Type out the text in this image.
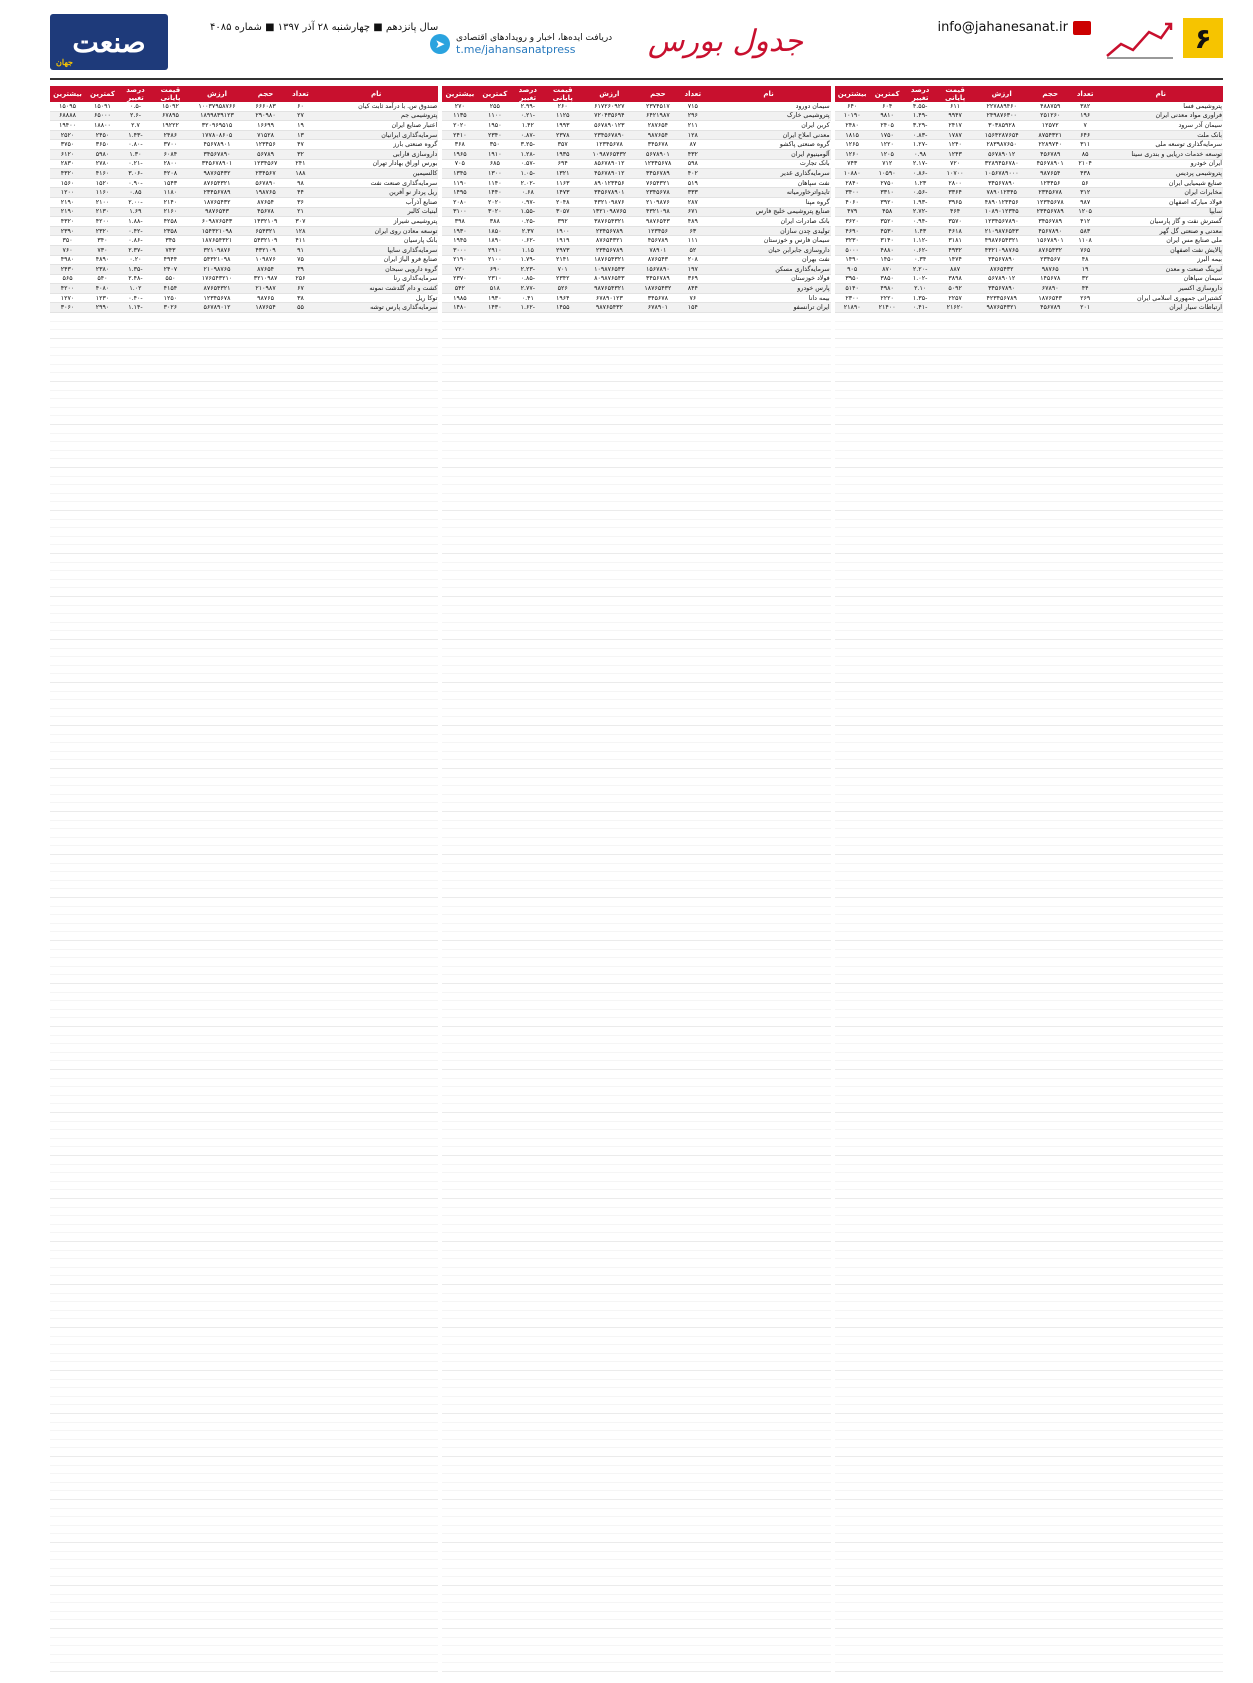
۶
info@jahanesanat.ir
جدول بورس
دریافت ایده‌ها، اخبار و رویدادهای اقتصادی
t.me/jahansanatpress
➤
سال پانزدهم ■ چهارشنبه ۲۸ آذر ۱۳۹۷ ■ شماره ۴۰۸۵
صنعت
جهان
نام	تعداد	حجم	ارزش	قیمت پایانی	درصد تغییر	کمترین	بیشترین
پتروشیمی فسا	۳۸۲	۴۸۸۷۵۹	۲۲۷۸۸۹۴۶۰	۶۱۱	-۴.۵۵	۶۰۴	۶۴۰
فرآوری مواد معدنی ایران	۱۹۶	۲۵۱۲۶۰	۲۴۹۸۷۶۳۰۰	۹۹۴۷	-۱.۴۹	۹۸۱۰	۱۰۱۹۰
سیمان آذر سرود	۷	۱۲۵۷۲	۳۰۳۸۵۹۲۸	۲۴۱۷	-۳.۲۹	۲۴۰۵	۲۴۸۰
بانک ملت	۶۴۶	۸۷۵۴۳۲۱	۱۵۶۴۲۸۷۶۵۴	۱۷۸۷	-۰.۸۳	۱۷۵۰	۱۸۱۵
سرمایه‌گذاری توسعه ملی	۳۱۱	۲۲۸۹۷۴۰	۲۸۳۹۸۷۶۵۰	۱۲۴۰	-۱.۲۷	۱۲۲۰	۱۲۶۵
توسعه خدمات دریایی و بندری سینا	۸۵	۴۵۶۷۸۹	۵۶۷۸۹۰۱۲	۱۲۴۳	۰.۹۸	۱۲۰۵	۱۲۶۰
ایران خودرو	۲۱۰۴	۴۵۶۷۸۹۰۱	۳۲۸۹۴۵۶۷۸۰	۷۲۰	-۲.۱۷	۷۱۲	۷۴۳
پتروشیمی پردیس	۴۳۸	۹۸۷۶۵۴	۱۰۵۶۷۸۹۰۰۰	۱۰۷۰۰	-۰.۸۶	۱۰۵۹۰	۱۰۸۸۰
صنایع شیمیایی ایران	۵۶	۱۲۳۴۵۶	۳۴۵۶۷۸۹۰	۲۸۰۰	۱.۲۳	۲۷۵۰	۲۸۴۰
مخابرات ایران	۳۱۲	۲۳۴۵۶۷۸	۷۸۹۰۱۲۳۴۵	۳۳۶۴	-۰.۵۶	۳۳۱۰	۳۴۰۰
فولاد مبارکه اصفهان	۹۸۷	۱۲۳۴۵۶۷۸	۴۸۹۰۱۲۳۴۵۶	۳۹۶۵	-۱.۹۳	۳۹۲۰	۴۰۶۰
سایپا	۱۲۰۵	۲۳۴۵۶۷۸۹	۱۰۸۹۰۱۲۳۴۵	۴۶۴	-۲.۷۲	۴۵۸	۴۷۹
گسترش نفت و گاز پارسیان	۴۱۲	۳۴۵۶۷۸۹	۱۲۳۴۵۶۷۸۹۰	۳۵۷۰	-۰.۹۴	۳۵۲۰	۳۶۲۰
معدنی و صنعتی گل گهر	۵۸۳	۴۵۶۷۸۹۰	۲۱۰۹۸۷۶۵۴۳	۴۶۱۸	۱.۴۳	۴۵۳۰	۴۶۹۰
ملی صنایع مس ایران	۱۱۰۸	۱۵۶۷۸۹۰۱	۴۹۸۷۶۵۴۳۲۱	۳۱۸۱	-۱.۱۲	۳۱۴۰	۳۲۳۰
پالایش نفت اصفهان	۷۶۵	۸۷۶۵۴۳۲	۴۳۲۱۰۹۸۷۶۵	۴۹۳۲	-۰.۶۲	۴۸۸۰	۵۰۰۰
بیمه البرز	۴۸	۲۳۴۵۶۷	۳۴۵۶۷۸۹۰	۱۴۷۴	۰.۳۴	۱۴۵۰	۱۴۹۰
لیزینگ صنعت و معدن	۱۹	۹۸۷۶۵	۸۷۶۵۴۳۲	۸۸۷	-۲.۲۰	۸۷۰	۹۰۵
سیمان سپاهان	۳۲	۱۴۵۶۷۸	۵۶۷۸۹۰۱۲	۳۸۹۸	-۱.۰۲	۳۸۵۰	۳۹۵۰
داروسازی اکسیر	۴۴	۶۷۸۹۰	۳۴۵۶۷۸۹۰	۵۰۹۲	۲.۱۰	۴۹۸۰	۵۱۴۰
کشتیرانی جمهوری اسلامی ایران	۲۶۹	۱۸۷۶۵۴۳	۴۲۳۴۵۶۷۸۹	۲۲۵۷	-۱.۳۵	۲۲۲۰	۲۳۰۰
ارتباطات سیار ایران	۲۰۱	۴۵۶۷۸۹	۹۸۷۶۵۴۳۲۱	۲۱۶۲۰	-۰.۴۱	۲۱۴۰۰	۲۱۸۹۰
نام	تعداد	حجم	ارزش	قیمت پایانی	درصد تغییر	کمترین	بیشترین
سیمان دورود	۷۱۵	۲۳۷۴۵۱۷	۶۱۷۲۶۰۹۲۷	۲۶۰	-۲.۹۹	۲۵۵	۲۷۰
پتروشیمی خارک	۲۹۶	۶۴۲۱۹۸۷	۷۲۰۴۳۵۶۹۴	۱۱۲۵	-۰.۲۱	۱۱۰۰	۱۱۳۵
کربن ایران	۲۱۱	۲۸۷۶۵۴	۵۶۷۸۹۰۱۲۳	۱۹۹۳	۱.۴۲	۱۹۵۰	۲۰۲۰
معدنی املاح ایران	۱۲۸	۹۸۷۶۵۴	۲۳۴۵۶۷۸۹۰	۲۳۷۸	-۰.۸۷	۲۳۴۰	۲۴۱۰
گروه صنعتی پاکشو	۸۷	۳۴۵۶۷۸	۱۲۳۴۵۶۷۸	۳۵۷	-۳.۲۵	۳۵۰	۳۶۸
آلومینیوم ایران	۴۳۲	۵۶۷۸۹۰۱	۱۰۹۸۷۶۵۴۳۲	۱۹۳۵	-۱.۲۸	۱۹۱۰	۱۹۶۵
بانک تجارت	۵۹۸	۱۲۳۴۵۶۷۸	۸۵۶۷۸۹۰۱۲	۶۹۴	-۰.۵۷	۶۸۵	۷۰۵
سرمایه‌گذاری غدیر	۴۰۲	۳۴۵۶۷۸۹	۴۵۶۷۸۹۰۱۲	۱۳۲۱	-۱.۰۵	۱۳۰۰	۱۳۴۵
نفت سپاهان	۵۱۹	۷۶۵۴۳۲۱	۸۹۰۱۲۳۴۵۶	۱۱۶۳	-۲.۰۲	۱۱۴۰	۱۱۹۰
تایدواترخاورمیانه	۳۳۳	۲۳۴۵۶۷۸	۳۴۵۶۷۸۹۰۱	۱۴۷۳	۰.۶۸	۱۴۴۰	۱۴۹۵
گروه مپنا	۲۸۷	۲۱۰۹۸۷۶	۴۳۲۱۰۹۸۷۶	۲۰۴۸	-۰.۹۷	۲۰۲۰	۲۰۸۰
صنایع پتروشیمی خلیج فارس	۶۷۱	۴۳۲۱۰۹۸	۱۳۲۱۰۹۸۷۶۵	۳۰۵۷	-۱.۵۵	۳۰۲۰	۳۱۰۰
بانک صادرات ایران	۴۸۹	۹۸۷۶۵۴۳	۳۸۷۶۵۴۳۲۱	۳۹۲	-۰.۲۵	۳۸۸	۳۹۸
تولیدی چدن سازان	۶۳	۱۲۳۴۵۶	۲۳۴۵۶۷۸۹	۱۹۰۰	۲.۳۷	۱۸۵۰	۱۹۳۰
سیمان فارس و خوزستان	۱۱۱	۴۵۶۷۸۹	۸۷۶۵۴۳۲۱	۱۹۱۹	-۰.۶۲	۱۸۹۰	۱۹۴۵
داروسازی جابرابن حیان	۵۲	۷۸۹۰۱	۲۳۴۵۶۷۸۹	۲۹۷۳	۱.۱۵	۲۹۱۰	۳۰۰۰
نفت بهران	۲۰۸	۸۷۶۵۴۳	۱۸۷۶۵۴۳۲۱	۲۱۴۱	-۱.۷۹	۲۱۰۰	۲۱۹۰
سرمایه‌گذاری مسکن	۱۹۷	۱۵۶۷۸۹۰	۱۰۹۸۷۶۵۴۳	۷۰۱	-۲.۲۳	۶۹۰	۷۲۰
فولاد خوزستان	۳۶۹	۳۴۵۶۷۸۹	۸۰۹۸۷۶۵۴۳	۲۳۴۲	-۰.۸۵	۲۳۱۰	۲۳۷۰
پارس خودرو	۸۴۴	۱۸۷۶۵۴۳۲	۹۸۷۶۵۴۳۲۱	۵۲۶	-۲.۷۷	۵۱۸	۵۴۲
بیمه دانا	۷۶	۳۴۵۶۷۸	۶۷۸۹۰۱۲۳	۱۹۶۴	۰.۴۱	۱۹۳۰	۱۹۸۵
ایران ترانسفو	۱۵۴	۶۷۸۹۰۱	۹۸۷۶۵۴۳۲	۱۴۵۵	-۱.۶۲	۱۴۳۰	۱۴۸۰
نام	تعداد	حجم	ارزش	قیمت پایانی	درصد تغییر	کمترین	بیشترین
صندوق س. با درآمد ثابت کیان	۶۰	۶۶۶۰۸۳	۱۰۰۳۷۹۵۸۷۶۶	۱۵۰۹۲	-۰.۵	۱۵۰۹۱	۱۵۰۹۵
پتروشیمی جم	۲۷	۲۹۰۹۸۰	۱۸۹۹۸۳۹۱۲۳	۶۷۸۹۵	-۲.۶	۶۵۰۰۰	۶۸۸۸۸
اعتبار صنایع ایران	۱۹	۱۶۶۹۹	۳۲۰۹۶۹۵۱۵	۱۹۲۲۲	۲.۷	۱۸۸۰۰	۱۹۴۰۰
سرمایه‌گذاری ایرانیان	۱۳	۷۱۵۲۸	۱۷۷۸۰۸۶۰۵	۲۴۸۶	-۱.۴۳	۲۴۵۰	۲۵۲۰
گروه صنعتی بارز	۴۷	۱۲۳۴۵۶	۴۵۶۷۸۹۰۱	۳۷۰۰	-۰.۸۰	۳۶۵۰	۳۷۵۰
داروسازی فارابی	۳۲	۵۶۷۸۹	۳۴۵۶۷۸۹۰	۶۰۸۴	۱.۳۰	۵۹۸۰	۶۱۲۰
بورس اوراق بهادار تهران	۲۴۱	۱۲۳۴۵۶۷	۳۴۵۶۷۸۹۰۱	۲۸۰۰	-۰.۲۱	۲۷۸۰	۲۸۳۰
کالسیمین	۱۸۸	۲۳۴۵۶۷	۹۸۷۶۵۴۳۲	۴۲۰۸	-۳.۰۶	۴۱۶۰	۴۳۲۰
سرمایه‌گذاری صنعت نفت	۹۸	۵۶۷۸۹۰	۸۷۶۵۴۳۲۱	۱۵۴۳	-۰.۹۰	۱۵۲۰	۱۵۶۰
ریل پرداز نو آفرین	۴۴	۱۹۸۷۶۵	۲۳۴۵۶۷۸۹	۱۱۸۰	۰.۸۵	۱۱۶۰	۱۲۰۰
صنایع آذرآب	۳۶	۸۷۶۵۴	۱۸۷۶۵۴۳۲	۲۱۴۰	-۲.۰۰	۲۱۰۰	۲۱۹۰
لبنیات کالبر	۲۱	۴۵۶۷۸	۹۸۷۶۵۴۳	۲۱۶۰	۱.۶۹	۲۱۳۰	۲۱۹۰
پتروشیمی شیراز	۳۰۷	۱۴۳۲۱۰۹	۶۰۹۸۷۶۵۴۳	۴۲۵۸	-۱.۸۸	۴۲۰۰	۴۳۲۰
توسعه معادن روی ایران	۱۲۸	۶۵۴۳۲۱	۱۵۴۳۲۱۰۹۸	۲۳۵۸	-۰.۴۲	۲۳۲۰	۲۳۹۰
بانک پارسیان	۴۱۱	۵۴۳۲۱۰۹	۱۸۷۶۵۴۳۲۱	۳۴۵	-۰.۸۶	۳۴۰	۳۵۰
سرمایه‌گذاری سایپا	۹۱	۴۳۲۱۰۹	۳۲۱۰۹۸۷۶	۷۴۳	-۲.۳۷	۷۳۰	۷۶۰
صنایع فرو آلیاژ ایران	۷۵	۱۰۹۸۷۶	۵۴۳۲۱۰۹۸	۴۹۴۴	۰.۲۰	۴۸۹۰	۴۹۸۰
گروه دارویی سبحان	۳۹	۸۷۶۵۴	۲۱۰۹۸۷۶۵	۲۴۰۷	-۱.۳۵	۲۳۸۰	۲۴۳۰
سرمایه‌گذاری رنا	۲۵۶	۳۲۱۰۹۸۷	۱۷۶۵۴۳۲۱۰	۵۵۰	-۲.۴۸	۵۴۰	۵۶۵
کشت و دام گلدشت نمونه	۶۷	۲۱۰۹۸۷	۸۷۶۵۴۳۲۱	۴۱۵۴	۱.۰۲	۴۰۸۰	۴۲۰۰
توکا ریل	۳۸	۹۸۷۶۵	۱۲۳۴۵۶۷۸	۱۲۵۰	-۰.۴۰	۱۲۳۰	۱۲۷۰
سرمایه‌گذاری پارس توشه	۵۵	۱۸۷۶۵۴	۵۶۷۸۹۰۱۲	۳۰۲۶	-۱.۱۴	۲۹۹۰	۳۰۶۰
